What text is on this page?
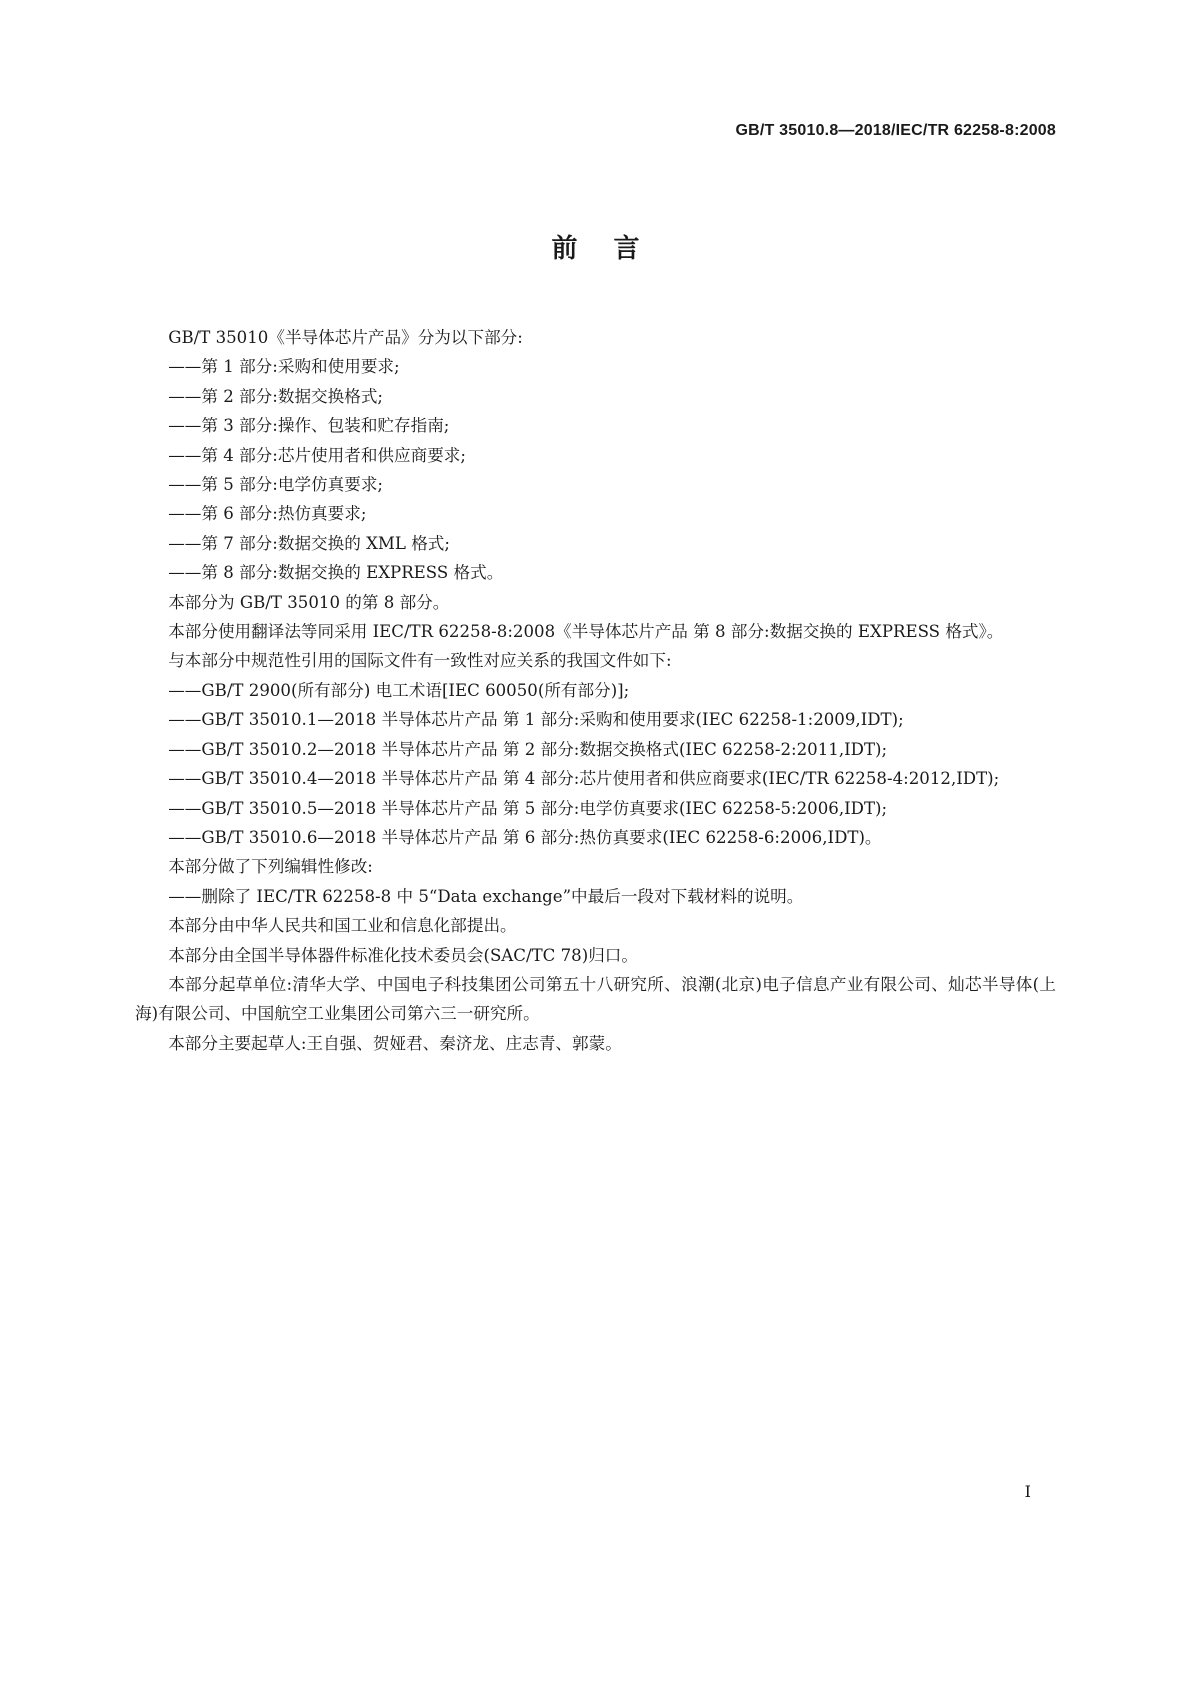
GB/T 35010.8—2018/IEC/TR 62258-8:2008
前言

GB/T 35010《半导体芯片产品》分为以下部分:

——第 1 部分:采购和使用要求;

——第 2 部分:数据交换格式;

——第 3 部分:操作、包装和贮存指南;

——第 4 部分:芯片使用者和供应商要求;

——第 5 部分:电学仿真要求;

——第 6 部分:热仿真要求;

——第 7 部分:数据交换的 XML 格式;

——第 8 部分:数据交换的 EXPRESS 格式。

本部分为 GB/T 35010 的第 8 部分。

本部分使用翻译法等同采用 IEC/TR 62258-8:2008《半导体芯片产品 第 8 部分:数据交换的 EXPRESS 格式》。

与本部分中规范性引用的国际文件有一致性对应关系的我国文件如下:

——GB/T 2900(所有部分) 电工术语[IEC 60050(所有部分)];

——GB/T 35010.1—2018 半导体芯片产品 第 1 部分:采购和使用要求(IEC 62258-1:2009,IDT);

——GB/T 35010.2—2018 半导体芯片产品 第 2 部分:数据交换格式(IEC 62258-2:2011,IDT);

——GB/T 35010.4—2018 半导体芯片产品 第 4 部分:芯片使用者和供应商要求(IEC/TR 62258-4:2012,IDT);

——GB/T 35010.5—2018 半导体芯片产品 第 5 部分:电学仿真要求(IEC 62258-5:2006,IDT);

——GB/T 35010.6—2018 半导体芯片产品 第 6 部分:热仿真要求(IEC 62258-6:2006,IDT)。

本部分做了下列编辑性修改:

——删除了 IEC/TR 62258-8 中 5“Data exchange”中最后一段对下载材料的说明。

本部分由中华人民共和国工业和信息化部提出。

本部分由全国半导体器件标准化技术委员会(SAC/TC 78)归口。

本部分起草单位:清华大学、中国电子科技集团公司第五十八研究所、浪潮(北京)电子信息产业有限公司、灿芯半导体(上海)有限公司、中国航空工业集团公司第六三一研究所。

本部分主要起草人:王自强、贺娅君、秦济龙、庄志青、郭蒙。

I
